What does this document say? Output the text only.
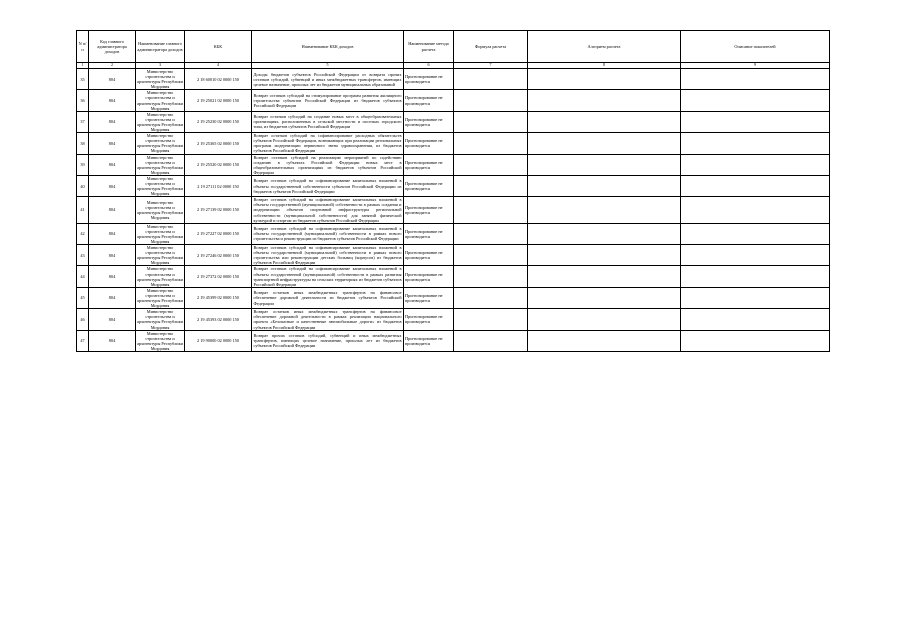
N п/п	Код главного администратора доходов	Наименование главного администратора доходов	КБК	Наименование КБК доходов	Наименование метода расчета	Формула расчета	Алгоритм расчета	Описание показателей
1	2	3	4	5	6	7	8	9
35	804	Министерство строительства и архитектуры Республики Мордовия	2 18 60010 02 0000 150	Доходы бюджетов субъектов Российской Федерации от возврата прочих остатков субсидий, субвенций и иных межбюджетных трансфертов, имеющих целевое назначение, прошлых лет из бюджетов муниципальных образований	Прогнозирование не производится			
36	804	Министерство строительства и архитектуры Республики Мордовия	2 19 25021 02 0000 150	Возврат остатков субсидий на стимулирование программ развития жилищного строительства субъектов Российской Федерации из бюджетов субъектов Российской Федерации	Прогнозирование не производится			
37	804	Министерство строительства и архитектуры Республики Мордовия	2 19 25230 02 0000 150	Возврат остатков субсидий на создание новых мест в общеобразовательных организациях, расположенных в сельской местности и поселках городского типа, из бюджетов субъектов Российской Федерации	Прогнозирование не производится			
38	804	Министерство строительства и архитектуры Республики Мордовия	2 19 25365 02 0000 150	Возврат остатков субсидий на софинансирование расходных обязательств субъектов Российской Федерации, возникающих при реализации региональных программ модернизации первичного звена здравоохранения, из бюджетов субъектов Российской Федерации	Прогнозирование не производится			
39	804	Министерство строительства и архитектуры Республики Мордовия	2 19 25520 02 0000 150	Возврат остатков субсидий на реализацию мероприятий по содействию созданию в субъектах Российской Федерации новых мест в общеобразовательных организациях из бюджетов субъектов Российской Федерации	Прогнозирование не производится			
40	804	Министерство строительства и архитектуры Республики Мордовия	2 19 27111 02 0000 150	Возврат остатков субсидий на софинансирование капитальных вложений в объекты государственной собственности субъектов Российской Федерации из бюджетов субъектов Российской Федерации	Прогнозирование не производится			
41	804	Министерство строительства и архитектуры Республики Мордовия	2 19 27139 02 0000 150	Возврат остатков субсидий на софинансирование капитальных вложений в объекты государственной (муниципальной) собственности в рамках создания и модернизации объектов спортивной инфраструктуры региональной собственности (муниципальной собственности) для занятий физической культурой и спортом из бюджетов субъектов Российской Федерации	Прогнозирование не производится			
42	804	Министерство строительства и архитектуры Республики Мордовия	2 19 27227 02 0000 150	Возврат остатков субсидий на софинансирование капитальных вложений в объекты государственной (муниципальной) собственности в рамках нового строительства и реконструкции из бюджетов субъектов Российской Федерации	Прогнозирование не производится			
43	804	Министерство строительства и архитектуры Республики Мордовия	2 19 27246 02 0000 150	Возврат остатков субсидий на софинансирование капитальных вложений в объекты государственной (муниципальной) собственности в рамках нового строительства или реконструкции детских больниц (корпусов) из бюджетов субъектов Российской Федерации	Прогнозирование не производится			
44	804	Министерство строительства и архитектуры Республики Мордовия	2 19 27372 02 0000 150	Возврат остатков субсидий на софинансирование капитальных вложений в объекты государственной (муниципальной) собственности в рамках развития транспортной инфраструктуры на сельских территориях из бюджетов субъектов Российской Федерации	Прогнозирование не производится			
45	804	Министерство строительства и архитектуры Республики Мордовия	2 19 45399 02 0000 150	Возврат остатков иных межбюджетных трансфертов на финансовое обеспечение дорожной деятельности из бюджетов субъектов Российской Федерации	Прогнозирование не производится			
46	804	Министерство строительства и архитектуры Республики Мордовия	2 19 45393 02 0000 150	Возврат остатков иных межбюджетных трансфертов на финансовое обеспечение дорожной деятельности в рамках реализации национального проекта «Безопасные и качественные автомобильные дороги» из бюджетов субъектов Российской Федерации	Прогнозирование не производится			
47	804	Министерство строительства и архитектуры Республики Мордовия	2 19 90000 02 0000 150	Возврат прочих остатков субсидий, субвенций и иных межбюджетных трансфертов, имеющих целевое назначение, прошлых лет из бюджетов субъектов Российской Федерации	Прогнозирование не производится			
